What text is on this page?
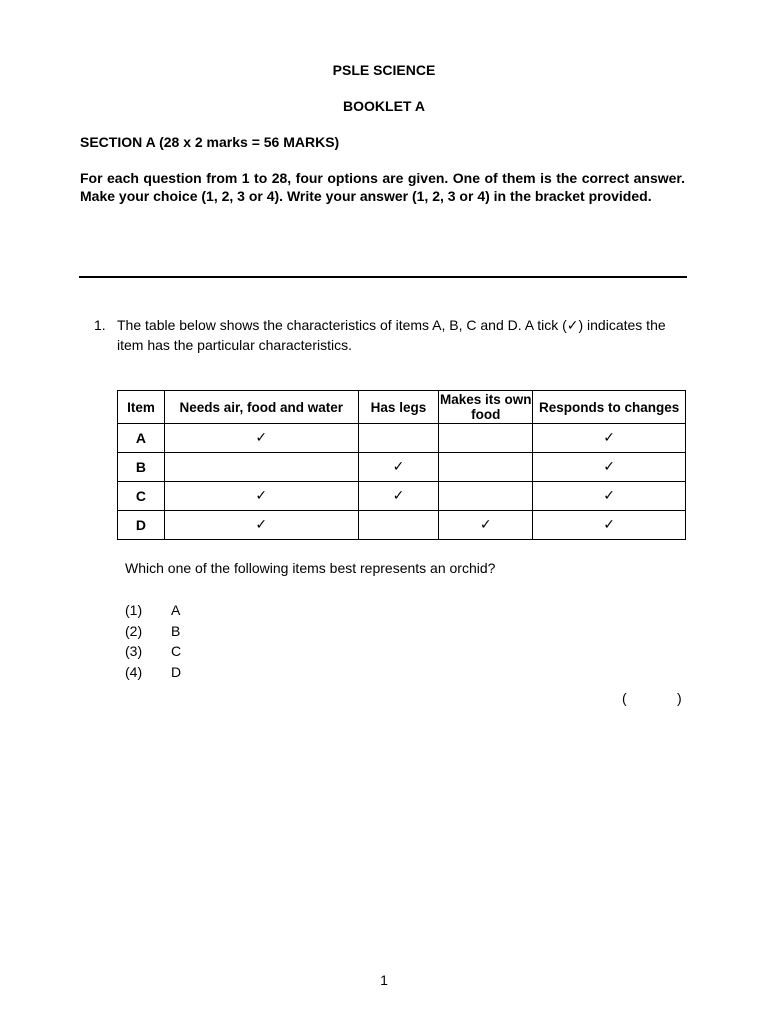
PSLE SCIENCE
BOOKLET A
SECTION A (28 x 2 marks = 56 MARKS)
For each question from 1 to 28, four options are given. One of them is the correct answer. Make your choice (1, 2, 3 or 4). Write your answer (1, 2, 3 or 4) in the bracket provided.
1. The table below shows the characteristics of items A, B, C and D. A tick (✓) indicates the item has the particular characteristics.
Item	Needs air, food and water	Has legs	Makes its own food	Responds to changes
A	✓			✓
B		✓		✓
C	✓	✓		✓
D	✓		✓	✓
Which one of the following items best represents an orchid?
(1) A
(2) B
(3) C
(4) D
(	)
1
